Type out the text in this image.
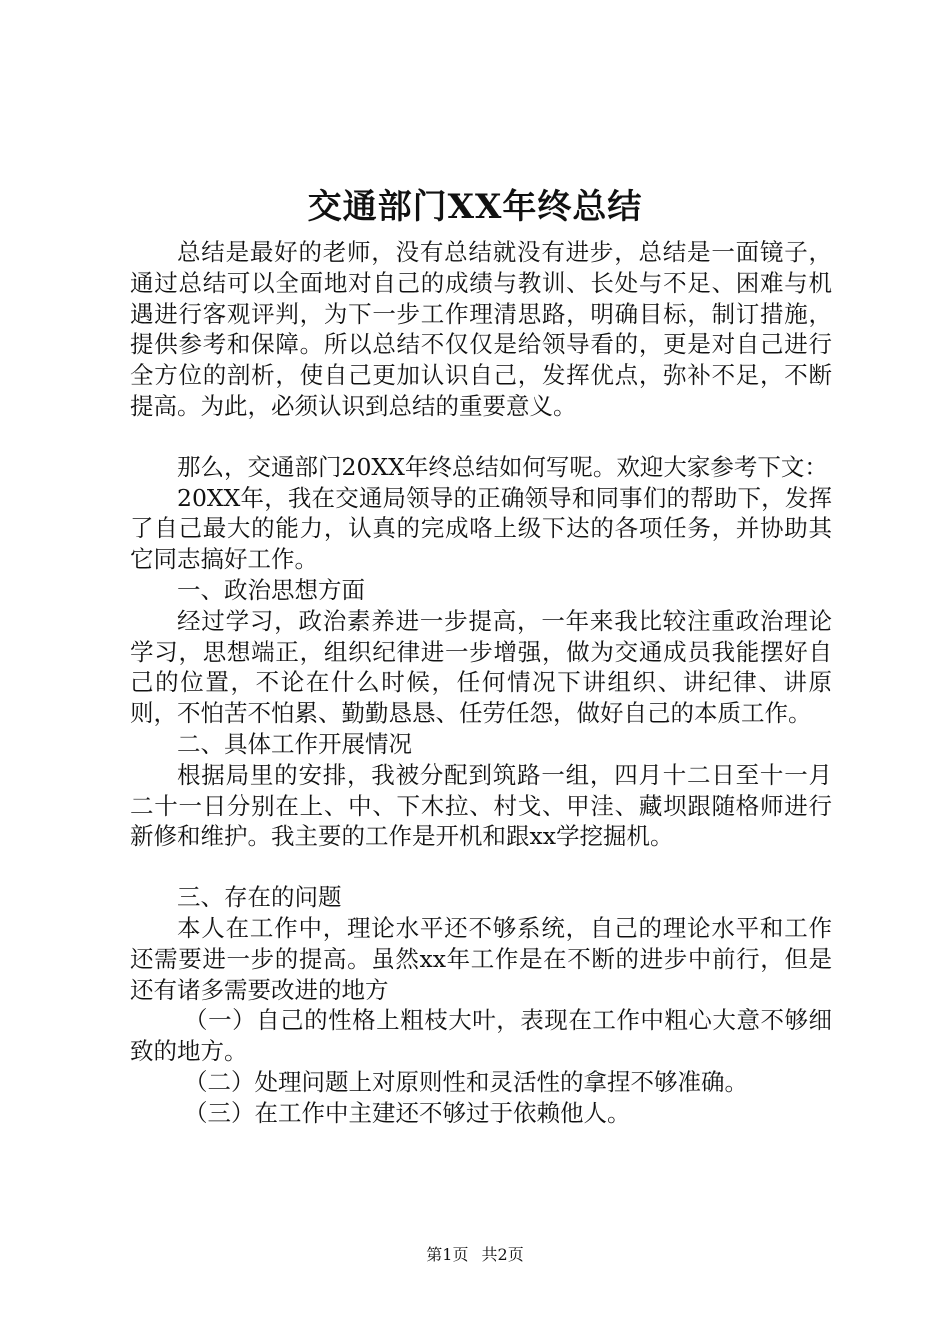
交通部门XX年终总结

总结是最好的老师，没有总结就没有进步，总结是一面镜子，通过总结可以全面地对自己的成绩与教训、长处与不足、困难与机遇进行客观评判，为下一步工作理清思路，明确目标，制订措施，提供参考和保障。所以总结不仅仅是给领导看的，更是对自己进行全方位的剖析，使自己更加认识自己，发挥优点，弥补不足，不断提高。为此，必须认识到总结的重要意义。

那么，交通部门20XX年终总结如何写呢。欢迎大家参考下文：

20XX年，我在交通局领导的正确领导和同事们的帮助下，发挥了自己最大的能力，认真的完成咯上级下达的各项任务，并协助其它同志搞好工作。

一、政治思想方面

经过学习，政治素养进一步提高，一年来我比较注重政治理论学习，思想端正，组织纪律进一步增强，做为交通成员我能摆好自己的位置，不论在什么时候，任何情况下讲组织、讲纪律、讲原则，不怕苦不怕累、勤勤恳恳、任劳任怨，做好自己的本质工作。

二、具体工作开展情况

根据局里的安排，我被分配到筑路一组，四月十二日至十一月二十一日分别在上、中、下木拉、村戈、甲洼、藏坝跟随格师进行新修和维护。我主要的工作是开机和跟xx学挖掘机。

三、存在的问题

本人在工作中，理论水平还不够系统，自己的理论水平和工作还需要进一步的提高。虽然xx年工作是在不断的进步中前行，但是还有诸多需要改进的地方

（一）自己的性格上粗枝大叶，表现在工作中粗心大意不够细致的地方。

（二）处理问题上对原则性和灵活性的拿捏不够准确。

（三）在工作中主建还不够过于依赖他人。

第1页 共2页
